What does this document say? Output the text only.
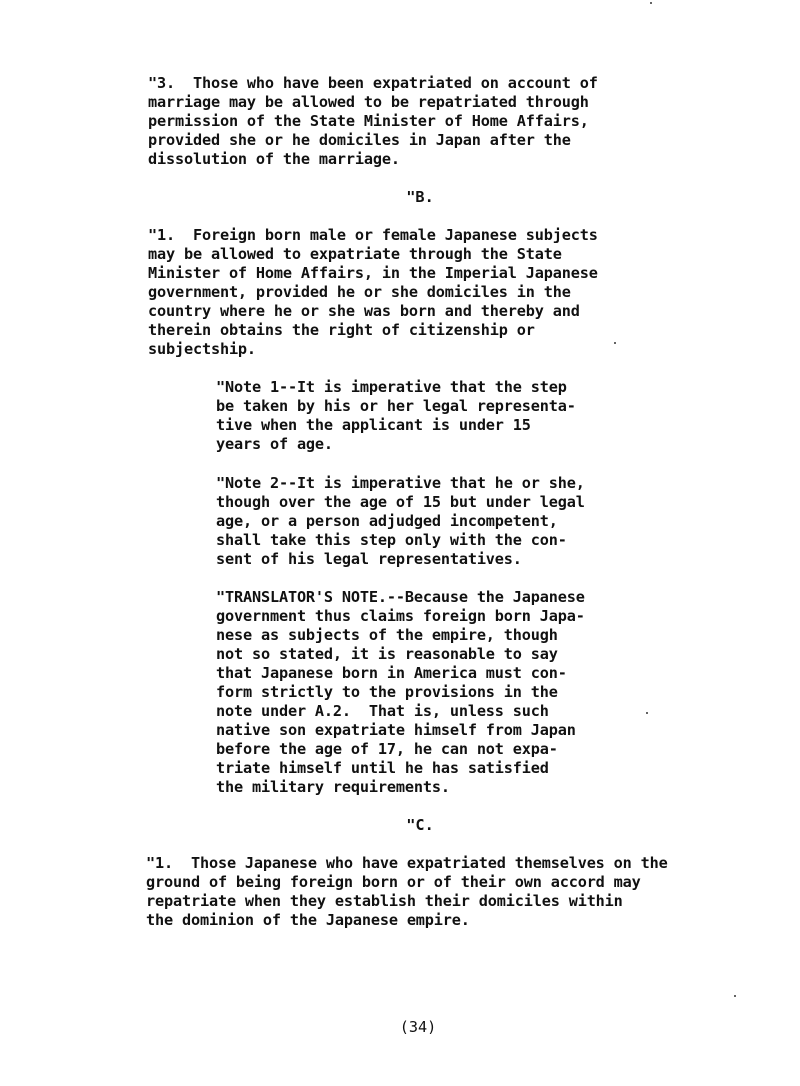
"3.  Those who have been expatriated on account of
marriage may be allowed to be repatriated through
permission of the State Minister of Home Affairs,
provided she or he domiciles in Japan after the
dissolution of the marriage.

"B.

"1.  Foreign born male or female Japanese subjects
may be allowed to expatriate through the State
Minister of Home Affairs, in the Imperial Japanese
government, provided he or she domiciles in the
country where he or she was born and thereby and
therein obtains the right of citizenship or
subjectship.

"Note 1--It is imperative that the step
be taken by his or her legal representa-
tive when the applicant is under 15
years of age.

"Note 2--It is imperative that he or she,
though over the age of 15 but under legal
age, or a person adjudged incompetent,
shall take this step only with the con-
sent of his legal representatives.

"TRANSLATOR'S NOTE.--Because the Japanese
government thus claims foreign born Japa-
nese as subjects of the empire, though
not so stated, it is reasonable to say
that Japanese born in America must con-
form strictly to the provisions in the
note under A.2.  That is, unless such
native son expatriate himself from Japan
before the age of 17, he can not expa-
triate himself until he has satisfied
the military requirements.

"C.

"1.  Those Japanese who have expatriated themselves on the
ground of being foreign born or of their own accord may
repatriate when they establish their domiciles within
the dominion of the Japanese empire.

(34)
